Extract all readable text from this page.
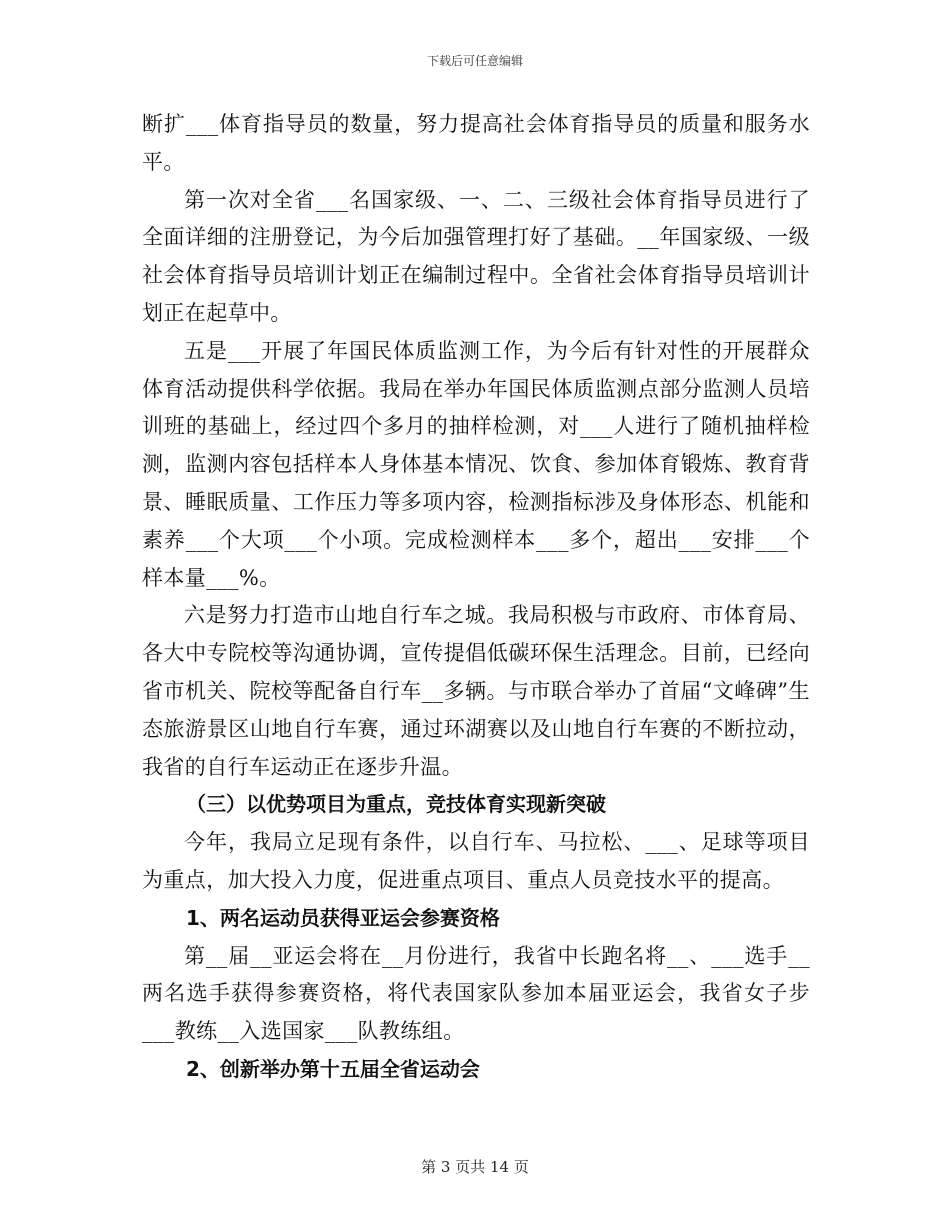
下载后可任意编辑

断扩___体育指导员的数量，努力提高社会体育指导员的质量和服务水平。

第一次对全省___名国家级、一、二、三级社会体育指导员进行了全面详细的注册登记，为今后加强管理打好了基础。__年国家级、一级社会体育指导员培训计划正在编制过程中。全省社会体育指导员培训计划正在起草中。

五是___开展了年国民体质监测工作，为今后有针对性的开展群众体育活动提供科学依据。我局在举办年国民体质监测点部分监测人员培训班的基础上，经过四个多月的抽样检测，对___人进行了随机抽样检测，监测内容包括样本人身体基本情况、饮食、参加体育锻炼、教育背景、睡眠质量、工作压力等多项内容，检测指标涉及身体形态、机能和素养___个大项___个小项。完成检测样本___多个，超出___安排___个样本量___%。

六是努力打造市山地自行车之城。我局积极与市政府、市体育局、各大中专院校等沟通协调，宣传提倡低碳环保生活理念。目前，已经向省市机关、院校等配备自行车__多辆。与市联合举办了首届“文峰碑”生态旅游景区山地自行车赛，通过环湖赛以及山地自行车赛的不断拉动，我省的自行车运动正在逐步升温。

（三）以优势项目为重点，竞技体育实现新突破

今年，我局立足现有条件，以自行车、马拉松、___、足球等项目为重点，加大投入力度，促进重点项目、重点人员竞技水平的提高。

1、两名运动员获得亚运会参赛资格

第__届__亚运会将在__月份进行，我省中长跑名将__、___选手__两名选手获得参赛资格，将代表国家队参加本届亚运会，我省女子步___教练__入选国家___队教练组。

2、创新举办第十五届全省运动会

第 3 页共 14 页
